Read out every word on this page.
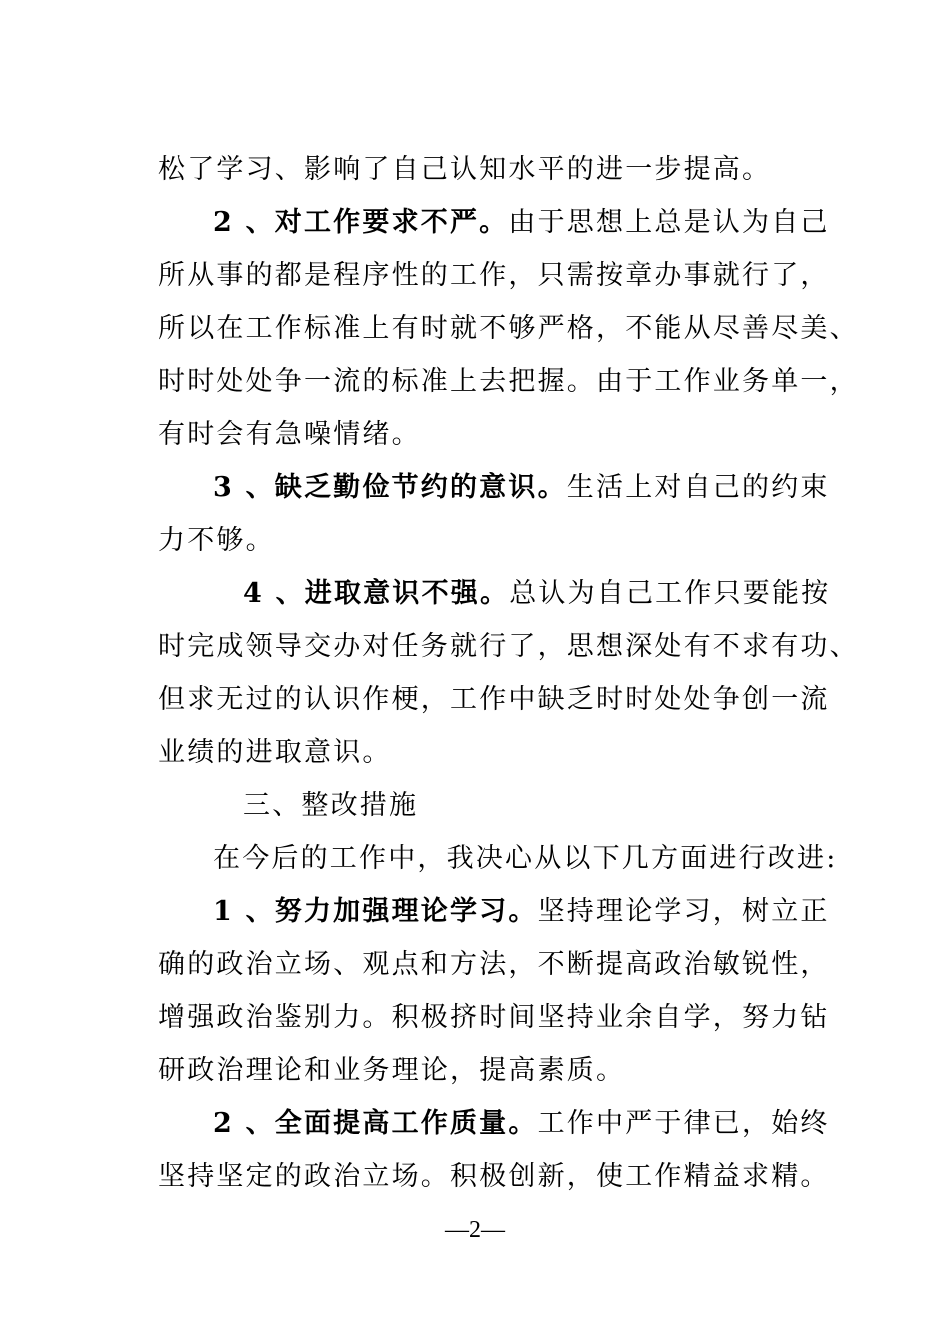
松了学习、影响了自己认知水平的进一步提高。
2 、对工作要求不严。由于思想上总是认为自己
所从事的都是程序性的工作，只需按章办事就行了，
所以在工作标准上有时就不够严格，不能从尽善尽美、
时时处处争一流的标准上去把握。由于工作业务单一，
有时会有急噪情绪。
3 、缺乏勤俭节约的意识。生活上对自己的约束
力不够。
4 、进取意识不强。总认为自己工作只要能按
时完成领导交办对任务就行了，思想深处有不求有功、
但求无过的认识作梗，工作中缺乏时时处处争创一流
业绩的进取意识。
三、整改措施
在今后的工作中，我决心从以下几方面进行改进:
1 、努力加强理论学习。坚持理论学习，树立正
确的政治立场、观点和方法，不断提高政治敏锐性，
增强政治鉴别力。积极挤时间坚持业余自学，努力钻
研政治理论和业务理论，提高素质。
2 、全面提高工作质量。工作中严于律已，始终
坚持坚定的政治立场。积极创新，使工作精益求精。
—2—
